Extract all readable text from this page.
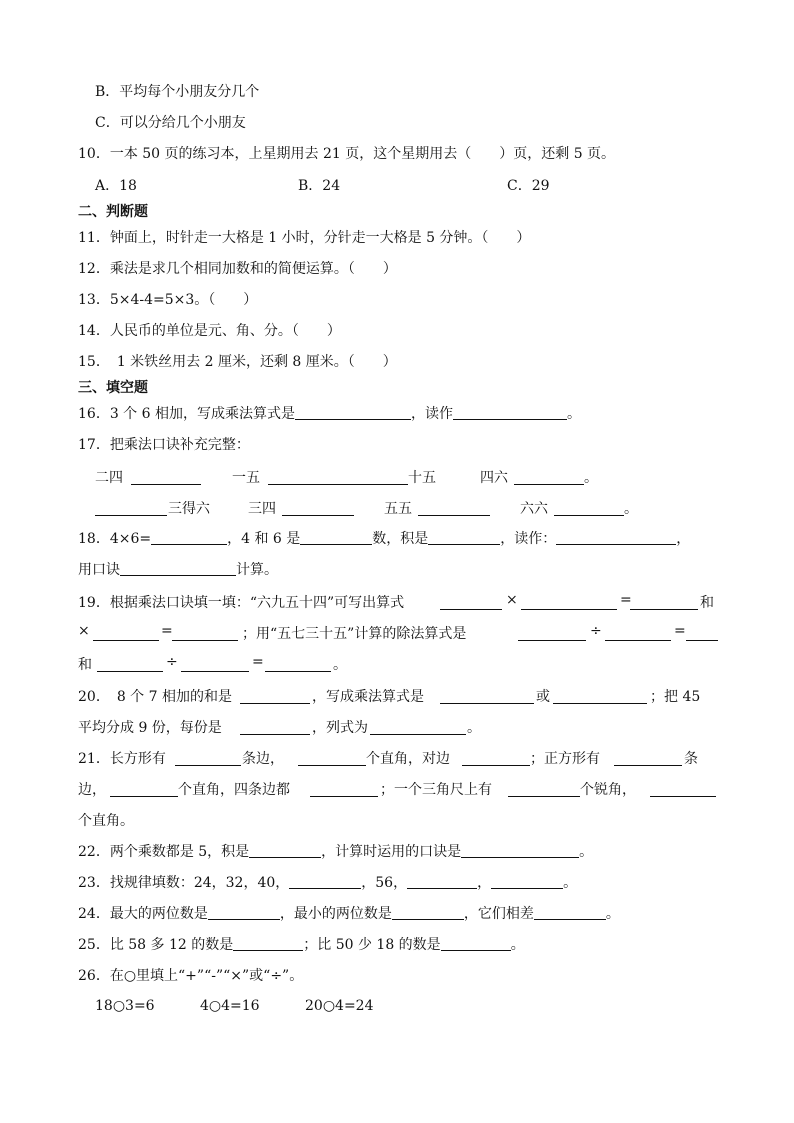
B．平均每个小朋友分几个
C．可以分给几个小朋友
10．一本 50 页的练习本，上星期用去 21 页，这个星期用去（　　）页，还剩 5 页。
A．18	B．24	C．29
二、判断题
11．钟面上，时针走一大格是 1 小时，分针走一大格是 5 分钟。（　　）
12．乘法是求几个相同加数和的简便运算。（　　）
13．5×4-4=5×3。（　　）
14．人民币的单位是元、角、分。（　　）
15．　1 米铁丝用去 2 厘米，还剩 8 厘米。（　　）
三、填空题
16．3 个 6 相加，写成乘法算式是	，读作	。
17．把乘法口诀补充完整：
二四	一五	十五	四六	。
三得六	三四	五五	六六	。
18．4×6=	，4 和 6 是	数，积是	，读作：	，
用口诀	计算。
19．根据乘法口诀填一填：“六九五十四”可写出算式	×	=	和
×	=	；用“五七三十五”计算的除法算式是	÷	=
和	÷	=	。
20．　8 个 7 相加的和是	，写成乘法算式是	或	；把 45
平均分成 9 份，每份是	，列式为	。
21．长方形有	条边，	个直角，对边	；正方形有	条
边，	个直角，四条边都	；一个三角尺上有	个锐角，
个直角。
22．两个乘数都是 5，积是	，计算时运用的口诀是	。
23．找规律填数：24，32，40，	，56，	，	。
24．最大的两位数是	，最小的两位数是	，它们相差	。
25．比 58 多 12 的数是	；比 50 少 18 的数是	。
26．在○里填上“+”“-”“×”或“÷”。
18○3=6	4○4=16	20○4=24
